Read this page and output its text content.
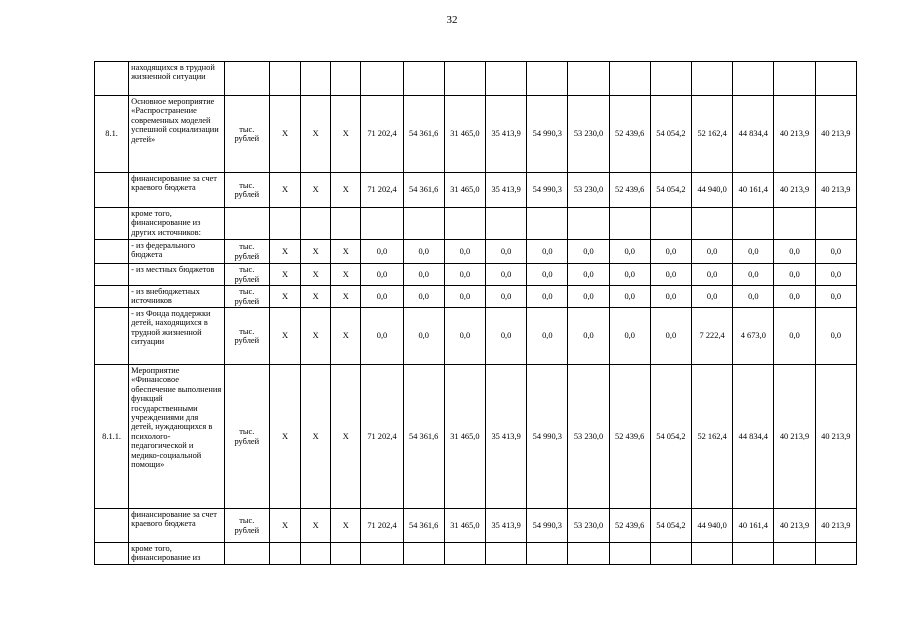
32
	находящихся в трудной жизненной ситуации																
8.1.	Основное мероприятие «Распространение современных моделей успешной социализации детей»	тыс. рублей	Х	Х	Х	71 202,4	54 361,6	31 465,0	35 413,9	54 990,3	53 230,0	52 439,6	54 054,2	52 162,4	44 834,4	40 213,9	40 213,9
	финансирование за счет краевого бюджета	тыс. рублей	Х	Х	Х	71 202,4	54 361,6	31 465,0	35 413,9	54 990,3	53 230,0	52 439,6	54 054,2	44 940,0	40 161,4	40 213,9	40 213,9
	кроме того, финансирование из других источников:																
	- из федерального бюджета	тыс. рублей	Х	Х	Х	0,0	0,0	0,0	0,0	0,0	0,0	0,0	0,0	0,0	0,0	0,0	0,0
	- из местных бюджетов	тыс. рублей	Х	Х	Х	0,0	0,0	0,0	0,0	0,0	0,0	0,0	0,0	0,0	0,0	0,0	0,0
	- из внебюджетных источников	тыс. рублей	Х	Х	Х	0,0	0,0	0,0	0,0	0,0	0,0	0,0	0,0	0,0	0,0	0,0	0,0
	- из Фонда поддержки детей, находящихся в трудной жизненной ситуации	тыс. рублей	Х	Х	Х	0,0	0,0	0,0	0,0	0,0	0,0	0,0	0,0	7 222,4	4 673,0	0,0	0,0
8.1.1.	Мероприятие «Финансовое обеспечение выполнения функций государственными учреждениями для детей, нуждающихся в психолого-педагогической и медико-социальной помощи»	тыс. рублей	Х	Х	Х	71 202,4	54 361,6	31 465,0	35 413,9	54 990,3	53 230,0	52 439,6	54 054,2	52 162,4	44 834,4	40 213,9	40 213,9
	финансирование за счет краевого бюджета	тыс. рублей	Х	Х	Х	71 202,4	54 361,6	31 465,0	35 413,9	54 990,3	53 230,0	52 439,6	54 054,2	44 940,0	40 161,4	40 213,9	40 213,9
	кроме того, финансирование из																
